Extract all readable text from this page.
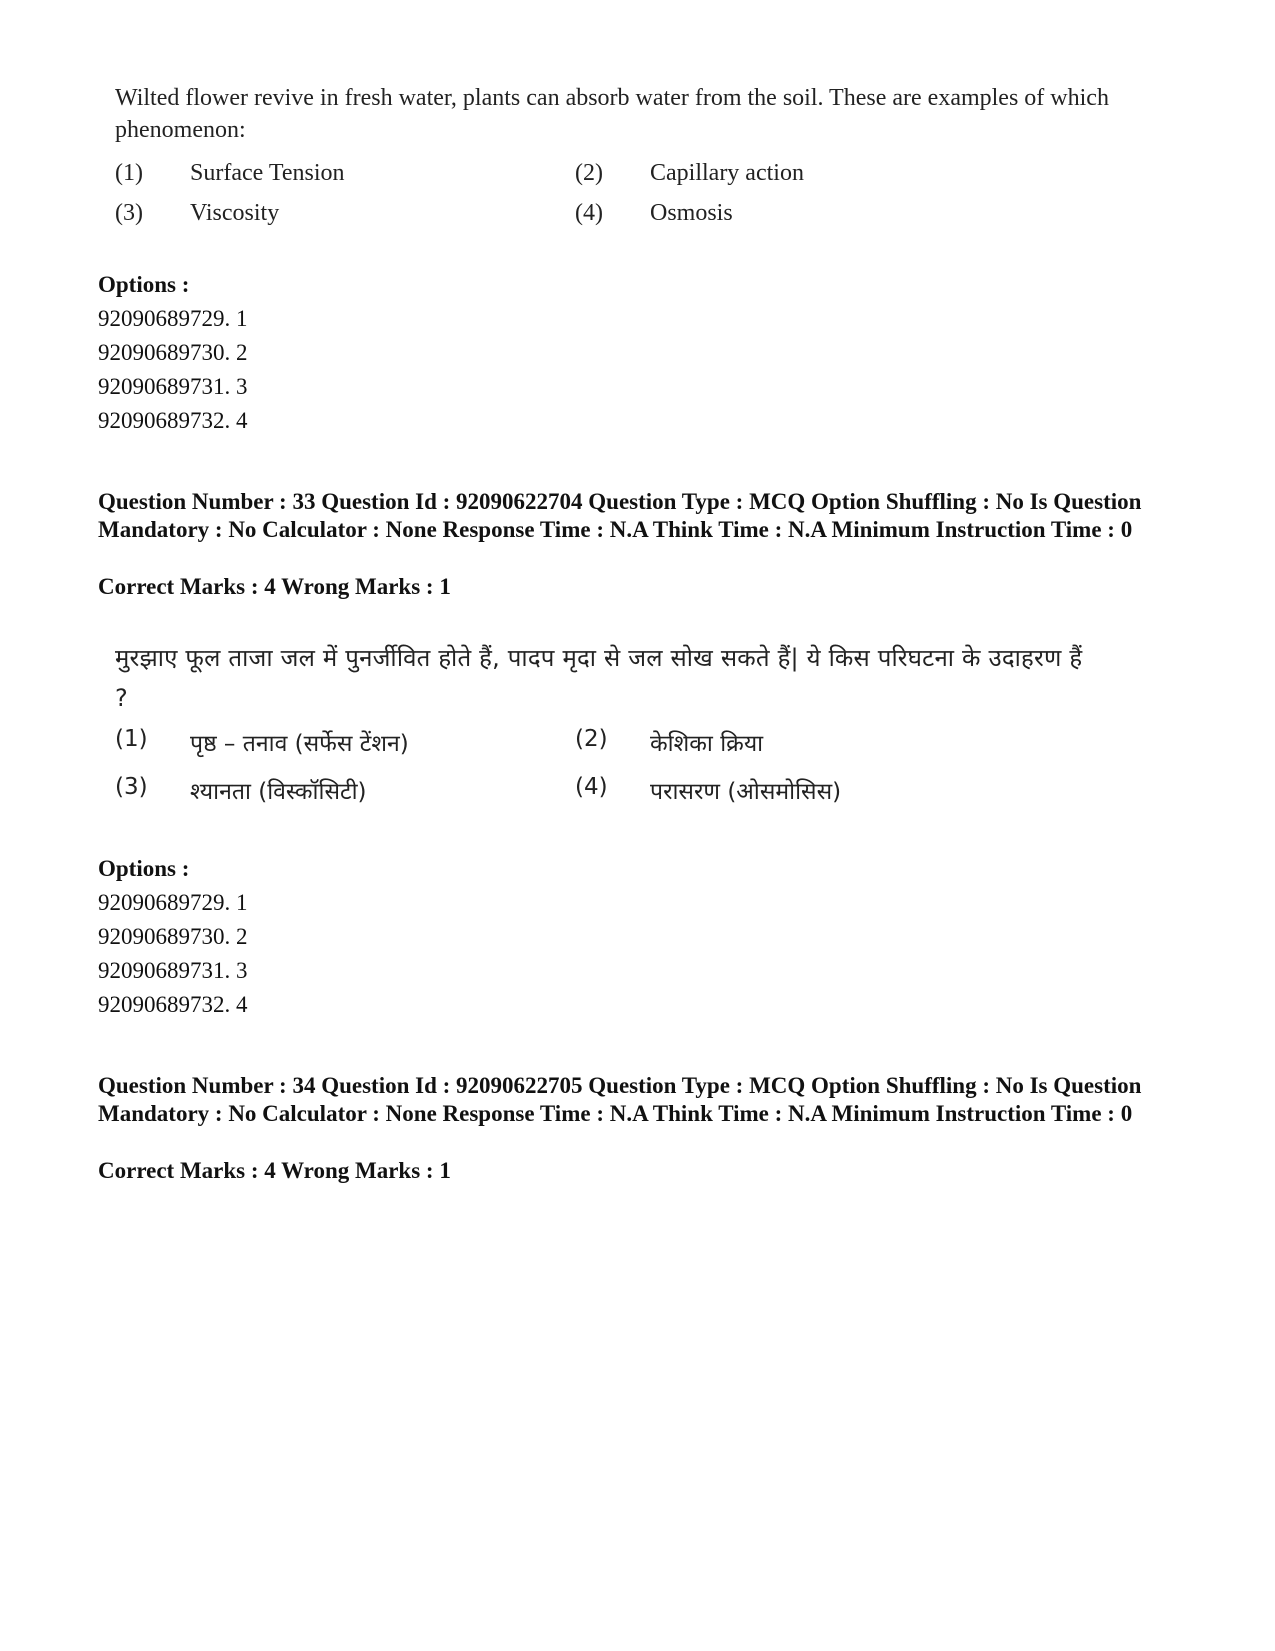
Wilted flower revive in fresh water, plants can absorb water from the soil. These are examples of which phenomenon:
(1)	Surface Tension	(2)	Capillary action
(3)	Viscosity	(4)	Osmosis
Options :
92090689729. 1
92090689730. 2
92090689731. 3
92090689732. 4
Question Number : 33 Question Id : 92090622704 Question Type : MCQ Option Shuffling : No Is Question Mandatory : No Calculator : None Response Time : N.A Think Time : N.A Minimum Instruction Time : 0
Correct Marks : 4 Wrong Marks : 1
मुरझाए फूल ताजा जल में पुनर्जीवित होते हैं, पादप मृदा से जल सोख सकते हैं| ये किस परिघटना के उदाहरण हैं ?
(1)	पृष्ठ – तनाव (सर्फेस टेंशन)	(2)	केशिका क्रिया
(3)	श्यानता (विस्कॉसिटी)	(4)	परासरण (ओसमोसिस)
Options :
92090689729. 1
92090689730. 2
92090689731. 3
92090689732. 4
Question Number : 34 Question Id : 92090622705 Question Type : MCQ Option Shuffling : No Is Question Mandatory : No Calculator : None Response Time : N.A Think Time : N.A Minimum Instruction Time : 0
Correct Marks : 4 Wrong Marks : 1
